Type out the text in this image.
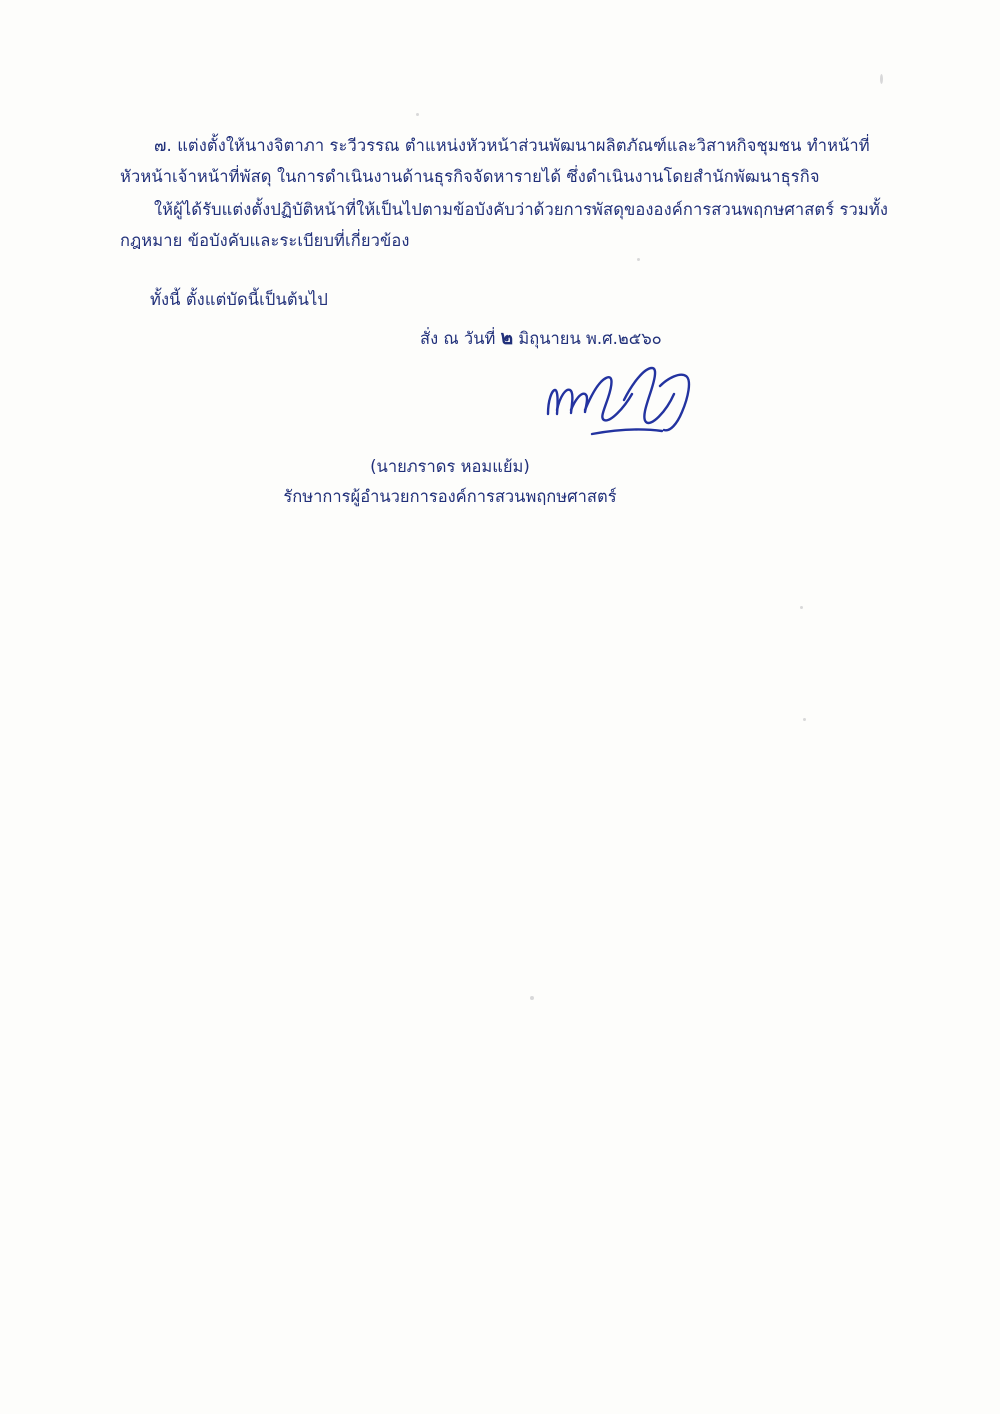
๗. แต่งตั้งให้นางจิตาภา ระวีวรรณ ตำแหน่งหัวหน้าส่วนพัฒนาผลิตภัณฑ์และวิสาหกิจชุมชน ทำหน้าที่หัวหน้าเจ้าหน้าที่พัสดุ ในการดำเนินงานด้านธุรกิจจัดหารายได้ ซึ่งดำเนินงานโดยสำนักพัฒนาธุรกิจ

ให้ผู้ได้รับแต่งตั้งปฏิบัติหน้าที่ให้เป็นไปตามข้อบังคับว่าด้วยการพัสดุขององค์การสวนพฤกษศาสตร์ รวมทั้งกฎหมาย ข้อบังคับและระเบียบที่เกี่ยวข้อง

ทั้งนี้ ตั้งแต่บัดนี้เป็นต้นไป

สั่ง ณ วันที่ ๒ มิถุนายน พ.ศ.๒๕๖๐

(นายภราดร หอมแย้ม)
รักษาการผู้อำนวยการองค์การสวนพฤกษศาสตร์
